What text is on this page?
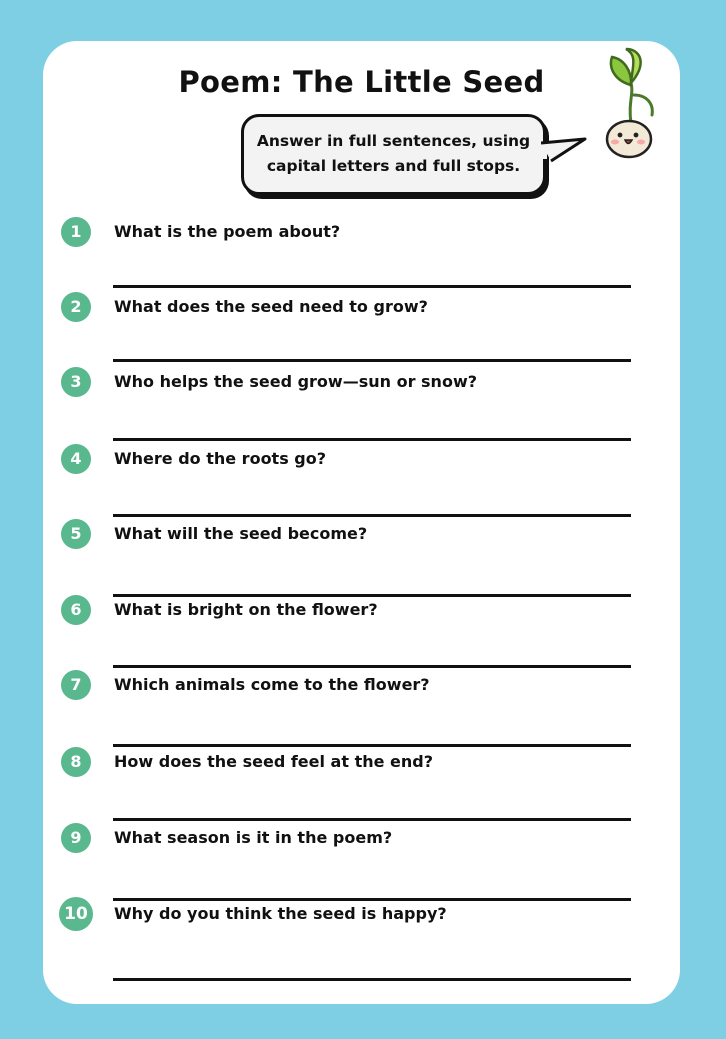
Poem: The Little Seed
Answer in full sentences, using capital letters and full stops.
1	What is the poem about?
2	What does the seed need to grow?
3	Who helps the seed grow—sun or snow?
4	Where do the roots go?
5	What will the seed become?
6	What is bright on the flower?
7	Which animals come to the flower?
8	How does the seed feel at the end?
9	What season is it in the poem?
10	Why do you think the seed is happy?
